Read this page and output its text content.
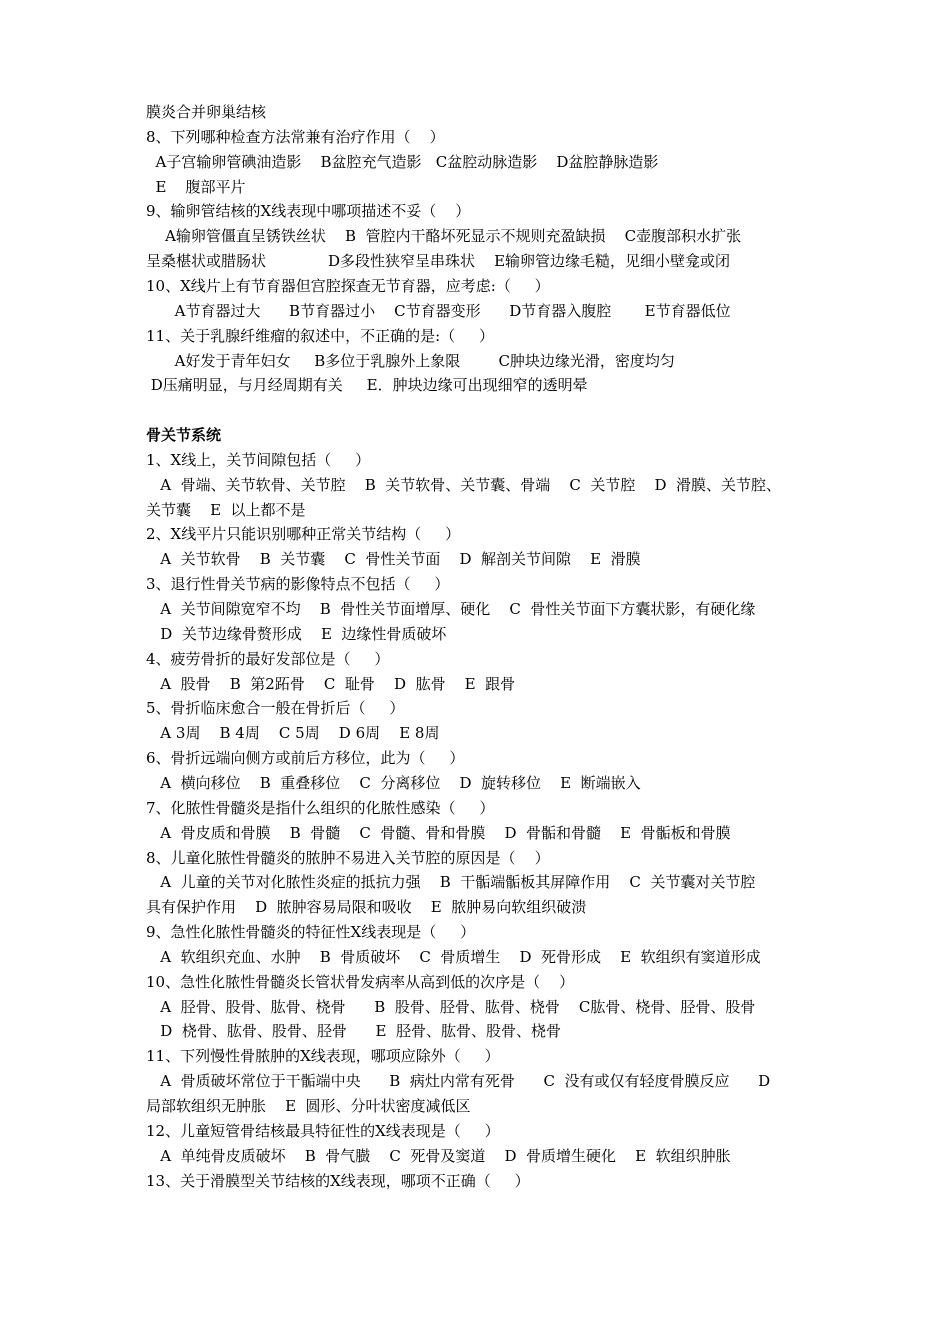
膜炎合并卵巢结核
8、下列哪种检查方法常兼有治疗作用（    ）
A子宫输卵管碘油造影    B盆腔充气造影   C盆腔动脉造影    D盆腔静脉造影
E    腹部平片
9、输卵管结核的X线表现中哪项描述不妥（    ）
A输卵管僵直呈锈铁丝状    B  管腔内干酪坏死显示不规则充盈缺损    C壶腹部积水扩张
呈桑椹状或腊肠状             D多段性狭窄呈串珠状    E输卵管边缘毛糙，见细小壁龛或闭
10、X线片上有节育器但宫腔探查无节育器，应考虑:（     ）
A节育器过大      B节育器过小    C节育器变形      D节育器入腹腔       E节育器低位
11、关于乳腺纤维瘤的叙述中，不正确的是:（     ）
A好发于青年妇女     B多位于乳腺外上象限        C肿块边缘光滑，密度均匀
D压痛明显，与月经周期有关     E．肿块边缘可出现细窄的透明晕
骨关节系统
1、X线上，关节间隙包括（     ）
A  骨端、关节软骨、关节腔    B  关节软骨、关节囊、骨端    C  关节腔    D  滑膜、关节腔、
关节囊    E  以上都不是
2、X线平片只能识别哪种正常关节结构（     ）
A  关节软骨    B  关节囊    C  骨性关节面    D  解剖关节间隙    E  滑膜
3、退行性骨关节病的影像特点不包括（     ）
A  关节间隙宽窄不均    B  骨性关节面增厚、硬化    C  骨性关节面下方囊状影，有硬化缘
D  关节边缘骨赘形成    E  边缘性骨质破坏
4、疲劳骨折的最好发部位是（     ）
A  股骨    B  第2跖骨    C  耻骨    D  肱骨    E  跟骨
5、骨折临床愈合一般在骨折后（     ）
A 3周    B 4周    C 5周    D 6周    E 8周
6、骨折远端向侧方或前后方移位，此为（     ）
A  横向移位    B  重叠移位    C  分离移位    D  旋转移位    E  断端嵌入
7、化脓性骨髓炎是指什么组织的化脓性感染（     ）
A  骨皮质和骨膜    B  骨髓    C  骨髓、骨和骨膜    D  骨骺和骨髓    E  骨骺板和骨膜
8、儿童化脓性骨髓炎的脓肿不易进入关节腔的原因是（    ）
A  儿童的关节对化脓性炎症的抵抗力强    B  干骺端骺板其屏障作用    C  关节囊对关节腔
具有保护作用    D  脓肿容易局限和吸收    E  脓肿易向软组织破溃
9、急性化脓性骨髓炎的特征性X线表现是（     ）
A  软组织充血、水肿    B  骨质破坏    C  骨质增生    D  死骨形成    E  软组织有窦道形成
10、急性化脓性骨髓炎长管状骨发病率从高到低的次序是（    ）
A  胫骨、股骨、肱骨、桡骨      B  股骨、胫骨、肱骨、桡骨    C肱骨、桡骨、胫骨、股骨
D  桡骨、肱骨、股骨、胫骨      E  胫骨、肱骨、股骨、桡骨
11、下列慢性骨脓肿的X线表现，哪项应除外（     ）
A  骨质破坏常位于干骺端中央      B  病灶内常有死骨      C  没有或仅有轻度骨膜反应      D
局部软组织无肿胀    E  圆形、分叶状密度减低区
12、儿童短管骨结核最具特征性的X线表现是（     ）
A  单纯骨皮质破坏    B  骨气臌    C  死骨及窦道    D  骨质增生硬化    E  软组织肿胀
13、关于滑膜型关节结核的X线表现，哪项不正确（     ）
